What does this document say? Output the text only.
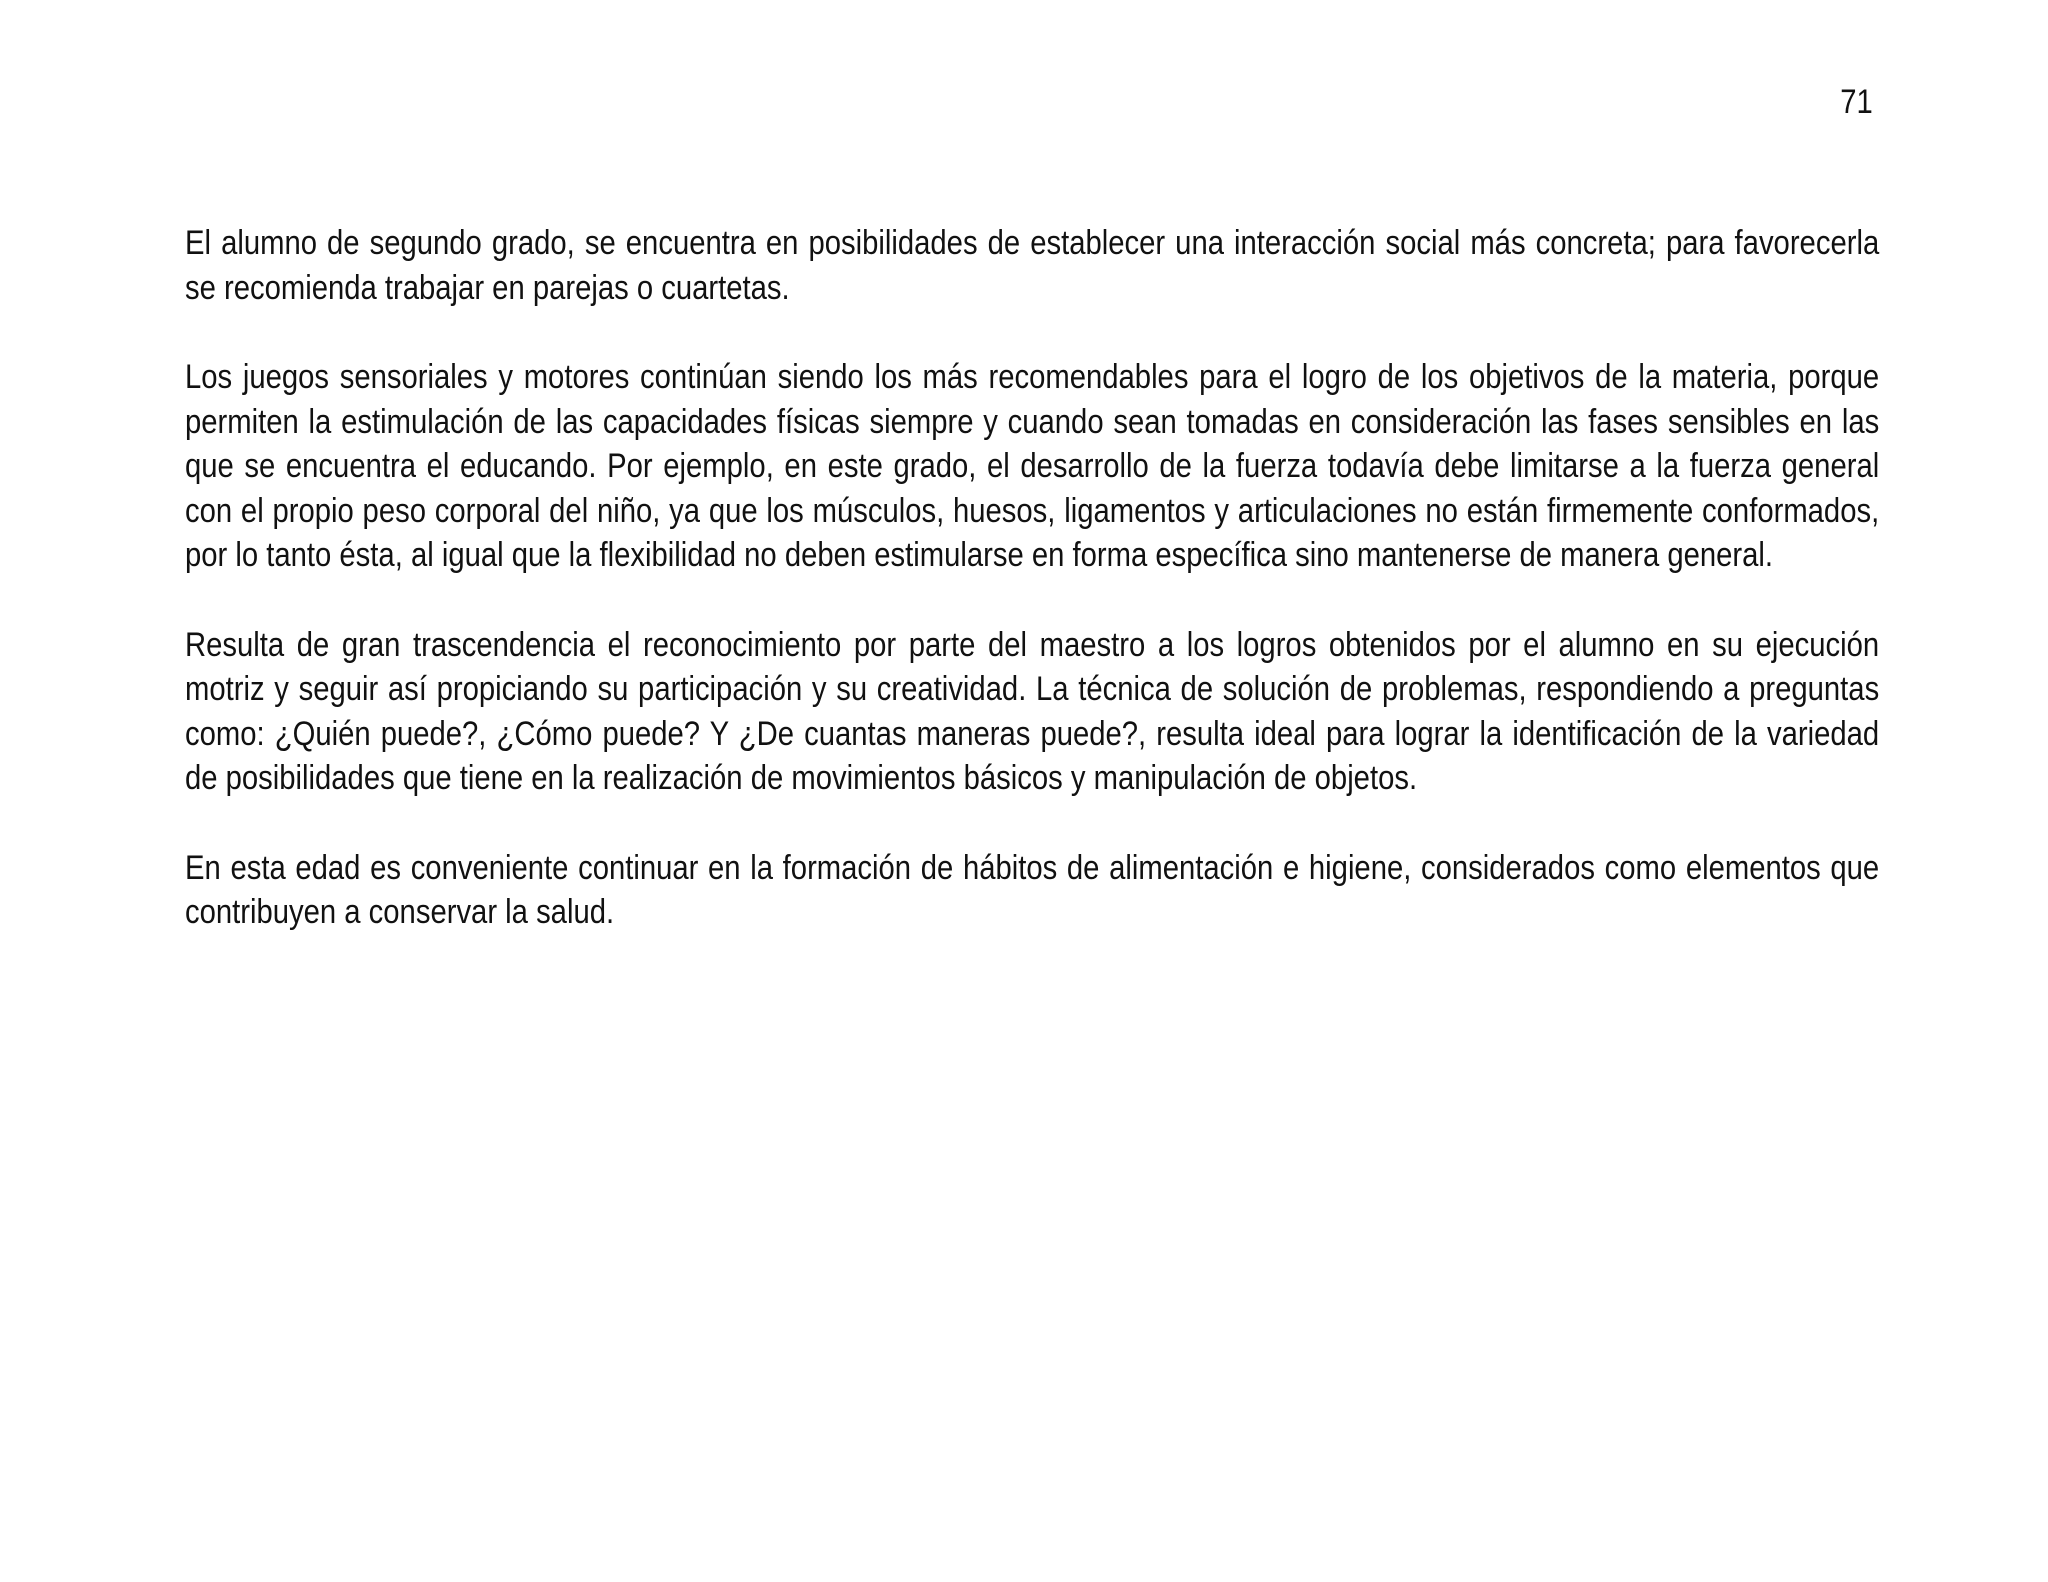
71

El alumno de segundo grado, se encuentra en posibilidades de establecer una interacción social más concreta; para favorecerla se recomienda trabajar en parejas o cuartetas.

Los juegos sensoriales y motores continúan siendo los más recomendables para el logro de los objetivos de la materia, porque permiten la estimulación de las capacidades físicas siempre y cuando sean tomadas en consideración las fases sensibles en las que se encuentra el educando. Por ejemplo, en este grado, el desarrollo de la fuerza todavía debe limitarse a la fuerza general con el propio peso corporal del niño, ya que los músculos, huesos, ligamentos y articulaciones no están firmemente conformados, por lo tanto ésta, al igual que la flexibilidad no deben estimularse en forma específica sino mantenerse de manera general.

Resulta de gran trascendencia el reconocimiento por parte del maestro a los logros obtenidos por el alumno en su ejecución motriz y seguir así propiciando su participación y su creatividad. La técnica de solución de problemas, respondiendo a preguntas como: ¿Quién puede?, ¿Cómo puede? Y ¿De cuantas maneras puede?, resulta ideal para lograr la identificación de la variedad de posibilidades que tiene en la realización de movimientos básicos y manipulación de objetos.

En esta edad es conveniente continuar en la formación de hábitos de alimentación e higiene, considerados como elementos que contribuyen a conservar la salud.
